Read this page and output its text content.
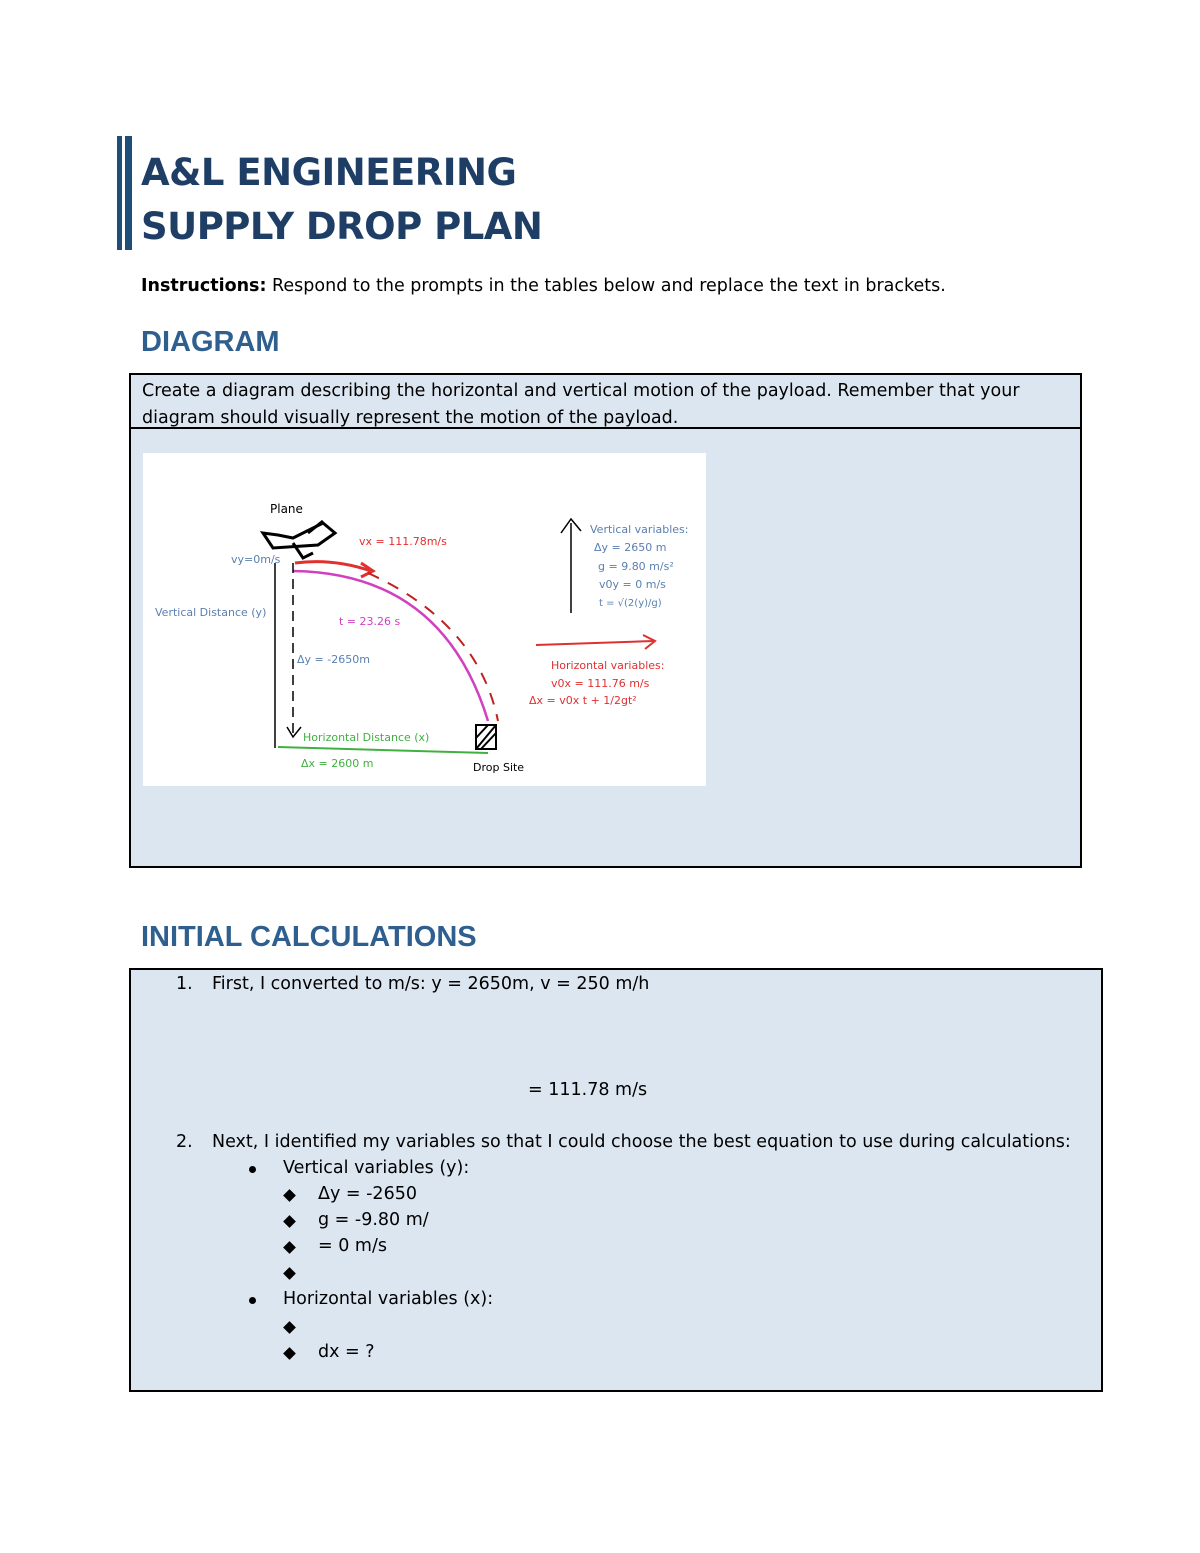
A&L ENGINEERING
SUPPLY DROP PLAN
Instructions: Respond to the prompts in the tables below and replace the text in brackets.
DIAGRAM
Create a diagram describing the horizontal and vertical motion of the payload. Remember that your diagram should visually represent the motion of the payload.
Plane
vy=0m/s
vx = 111.78m/s
t = 23.26 s
Vertical Distance (y)
Δy = -2650m
Horizontal Distance (x)
Δx = 2600 m	Drop Site
Vertical variables:
Δy = 2650 m
g = 9.80 m/s²
v0y = 0 m/s
t = √(2(y)/g)
Horizontal variables:
v0x = 111.76 m/s
Δx = v0x t + 1/2gt²
INITIAL CALCULATIONS
1. First, I converted to m/s: y = 2650m, v = 250 m/h
= 111.78 m/s
2. Next, I identified my variables so that I could choose the best equation to use during calculations:
Vertical variables (y):
Δy = -2650
g = -9.80 m/
= 0 m/s
Horizontal variables (x):
dx = ?
